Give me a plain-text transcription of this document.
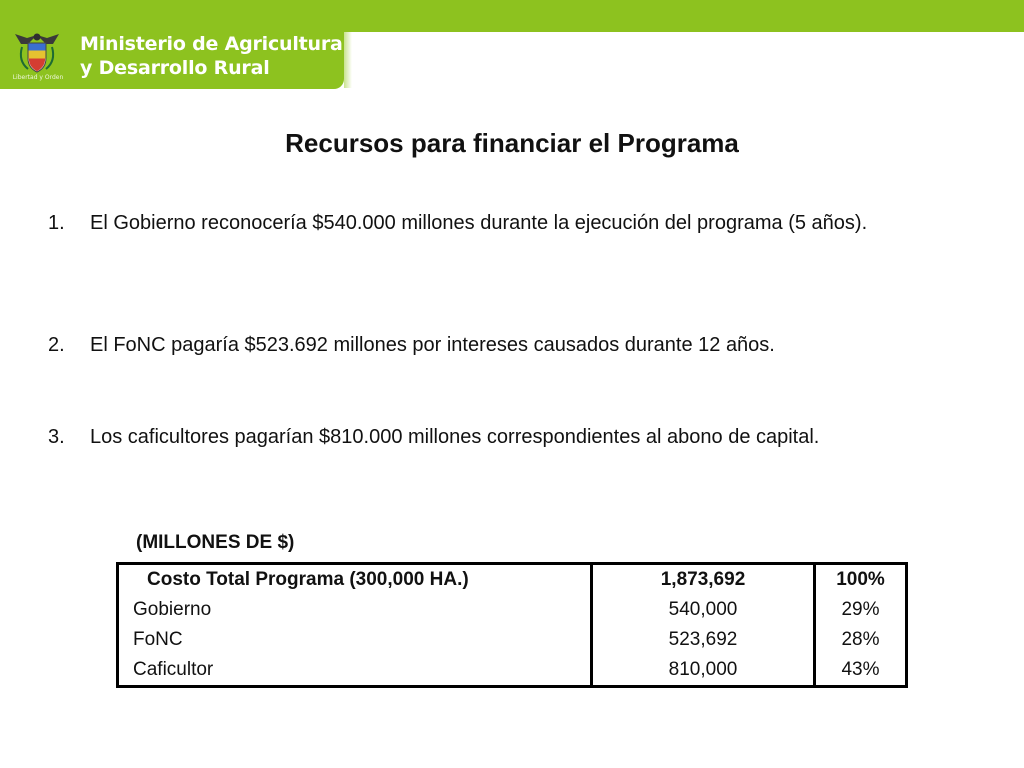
Libertad y Orden
Ministerio de Agricultura
y Desarrollo Rural
Recursos para financiar el Programa
1. El Gobierno reconocería $540.000 millones durante la ejecución del programa (5 años).
2. El FoNC pagaría $523.692 millones por intereses causados durante 12 años.
3. Los caficultores pagarían $810.000 millones correspondientes al abono de capital.
(MILLONES DE $)
Costo Total Programa (300,000 HA.)	1,873,692	100%
Gobierno	540,000	29%
FoNC	523,692	28%
Caficultor	810,000	43%
